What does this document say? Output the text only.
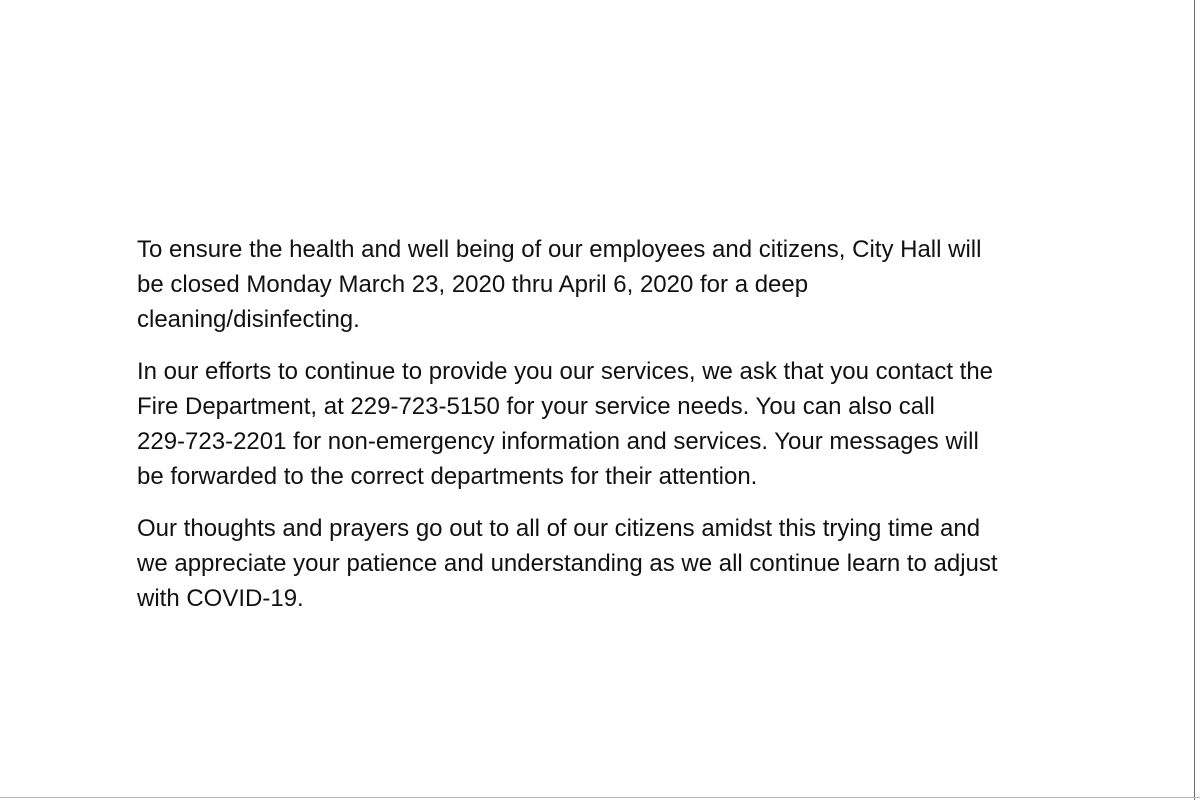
To ensure the health and well being of our employees and citizens, City Hall will
be closed Monday March 23, 2020 thru April 6, 2020 for a deep
cleaning/disinfecting.

In our efforts to continue to provide you our services, we ask that you contact the
Fire Department, at 229-723-5150 for your service needs. You can also call
229-723-2201 for non-emergency information and services. Your messages will
be forwarded to the correct departments for their attention.

Our thoughts and prayers go out to all of our citizens amidst this trying time and
we appreciate your patience and understanding as we all continue learn to adjust
with COVID-19.
